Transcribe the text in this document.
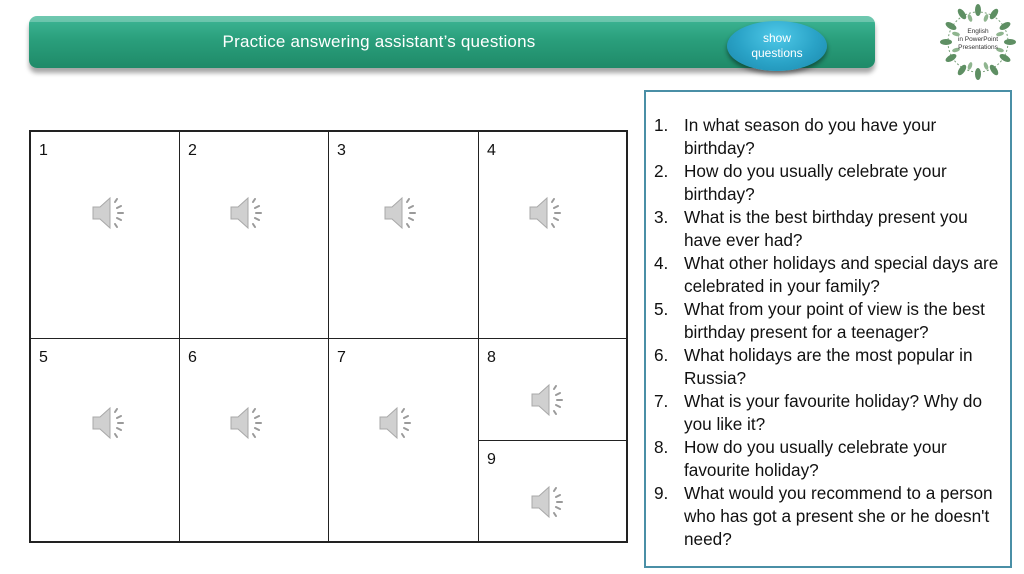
Practice answering assistant’s questions	show
questions
English
in PowerPoint
Presentations
1	2	3	4
5	6	7	8
9
1. In what season do you have your birthday?
2. How do you usually celebrate your birthday?
3. What is the best birthday present you have ever had?
4. What other holidays and special days are celebrated in your family?
5. What from your point of view is the best birthday present for a teenager?
6. What holidays are the most popular in Russia?
7. What is your favourite holiday? Why do you like it?
8. How do you usually celebrate your favourite holiday?
9. What would you recommend to a person who has got a present she or he doesn't need?
